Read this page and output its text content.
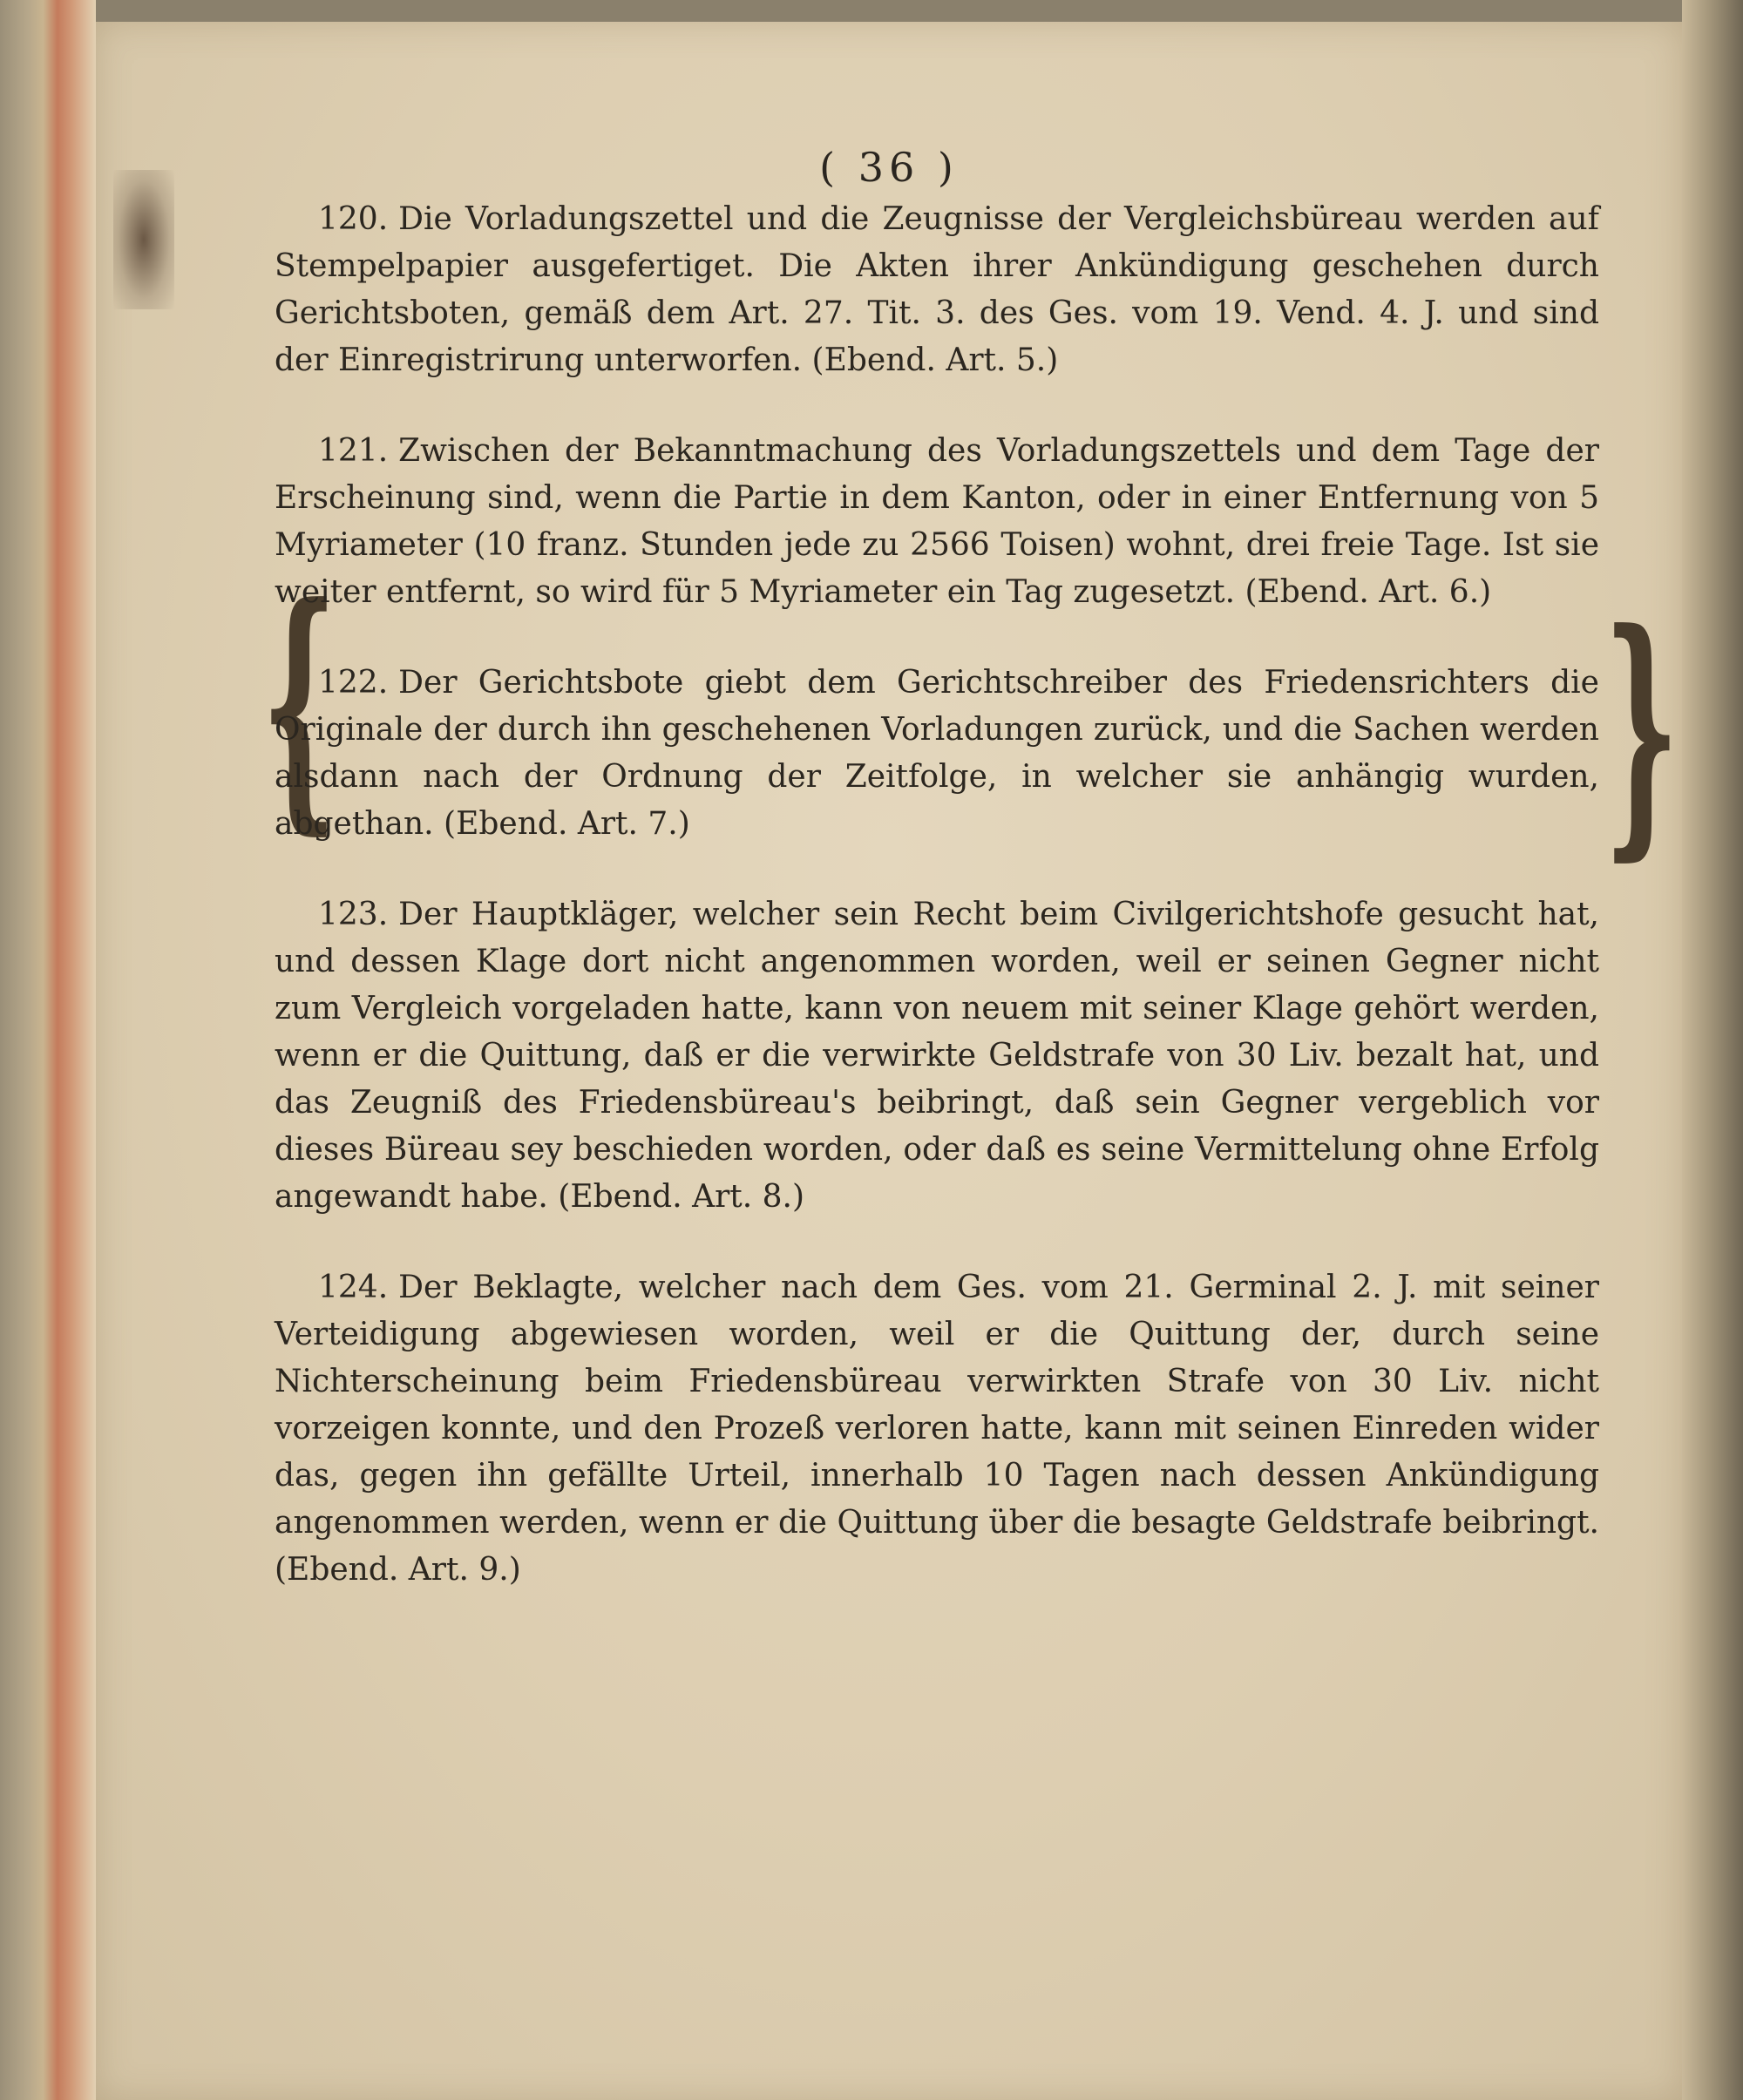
( 36 )
{	}

120. Die Vorladungszettel und die Zeugnisse der Vergleichsbüreau werden auf Stempelpapier ausgefertiget. Die Akten ihrer Ankündigung geschehen durch Gerichtsboten, gemäß dem Art. 27. Tit. 3. des Ges. vom 19. Vend. 4. J. und sind der Einregistrirung unterworfen. (Ebend. Art. 5.)

121. Zwischen der Bekanntmachung des Vorladungszettels und dem Tage der Erscheinung sind, wenn die Partie in dem Kanton, oder in einer Entfernung von 5 Myriameter (10 franz. Stunden jede zu 2566 Toisen) wohnt, drei freie Tage. Ist sie weiter entfernt, so wird für 5 Myriameter ein Tag zugesetzt. (Ebend. Art. 6.)

122. Der Gerichtsbote giebt dem Gerichtschreiber des Friedensrichters die Originale der durch ihn geschehenen Vorladungen zurück, und die Sachen werden alsdann nach der Ordnung der Zeitfolge, in welcher sie anhängig wurden, abgethan. (Ebend. Art. 7.)

123. Der Hauptkläger, welcher sein Recht beim Civilgerichtshofe gesucht hat, und dessen Klage dort nicht angenommen worden, weil er seinen Gegner nicht zum Vergleich vorgeladen hatte, kann von neuem mit seiner Klage gehört werden, wenn er die Quittung, daß er die verwirkte Geldstrafe von 30 Liv. bezalt hat, und das Zeugniß des Friedensbüreau's beibringt, daß sein Gegner vergeblich vor dieses Büreau sey beschieden worden, oder daß es seine Vermittelung ohne Erfolg angewandt habe. (Ebend. Art. 8.)

124. Der Beklagte, welcher nach dem Ges. vom 21. Germinal 2. J. mit seiner Verteidigung abgewiesen worden, weil er die Quittung der, durch seine Nichterscheinung beim Friedensbüreau verwirkten Strafe von 30 Liv. nicht vorzeigen konnte, und den Prozeß verloren hatte, kann mit seinen Einreden wider das, gegen ihn gefällte Urteil, innerhalb 10 Tagen nach dessen Ankündigung angenommen werden, wenn er die Quittung über die besagte Geldstrafe beibringt. (Ebend. Art. 9.)
